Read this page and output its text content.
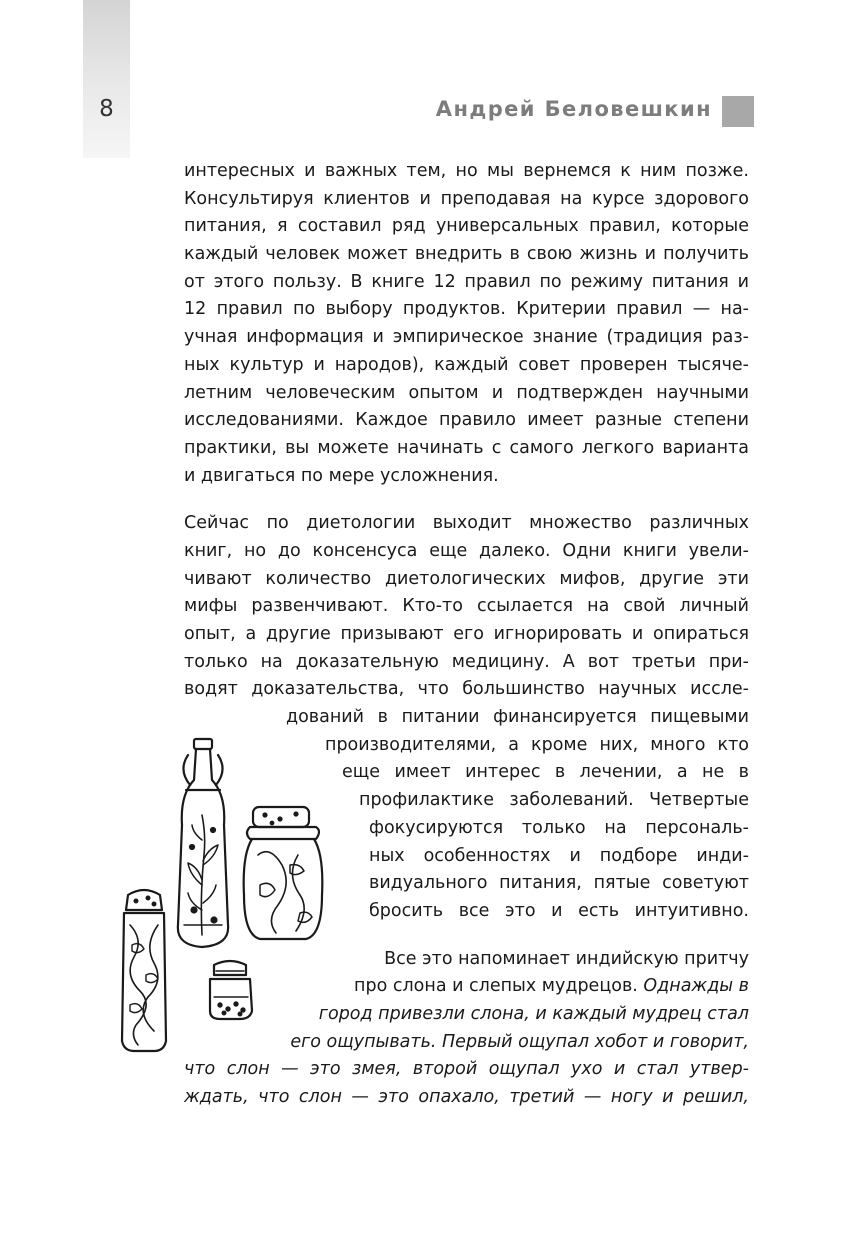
8	Андрей Беловешкин
интересных и важных тем, но мы вернемся к ним позже.
Консультируя клиентов и преподавая на курсе здорового
питания, я составил ряд универсальных правил, которые
каждый человек может внедрить в свою жизнь и получить
от этого пользу. В книге 12 правил по режиму питания и
12 правил по выбору продуктов. Критерии правил — на-
учная информация и эмпирическое знание (традиция раз-
ных культур и народов), каждый совет проверен тысяче-
летним человеческим опытом и подтвержден научными
исследованиями. Каждое правило имеет разные степени
практики, вы можете начинать с самого легкого варианта
и двигаться по мере усложнения.
Сейчас по диетологии выходит множество различных
книг, но до консенсуса еще далеко. Одни книги увели-
чивают количество диетологических мифов, другие эти
мифы развенчивают. Кто-то ссылается на свой личный
опыт, а другие призывают его игнорировать и опираться
только на доказательную медицину. А вот третьи при-
водят доказательства, что большинство научных иссле-
дований в питании финансируется пищевыми
производителями, а кроме них, много кто
еще имеет интерес в лечении, а не в
профилактике заболеваний. Четвертые
фокусируются только на персональ-
ных особенностях и подборе инди-
видуального питания, пятые советуют
бросить все это и есть интуитивно.
Все это напоминает индийскую притчу
про слона и слепых мудрецов. Однажды в
город привезли слона, и каждый мудрец стал
его ощупывать. Первый ощупал хобот и говорит,
что слон — это змея, второй ощупал ухо и стал утвер-
ждать, что слон — это опахало, третий — ногу и решил,
